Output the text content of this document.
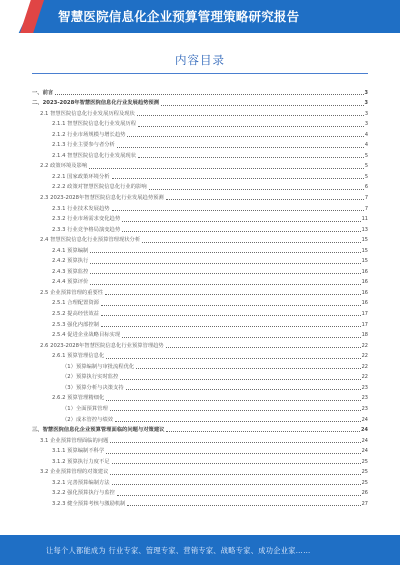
智慧医院信息化企业预算管理策略研究报告
内容目录
一、前言	3
二、2023-2028年智慧医院信息化行业发展趋势预测	3
2.1 智慧医院信息化行业发展历程及现状	3
2.1.1 智慧医院信息化行业发展历程	3
2.1.2 行业市场规模与增长趋势	4
2.1.3 行业主要参与者分析	4
2.1.4 智慧医院信息化行业发展现状	5
2.2 政策环境及影响	5
2.2.1 国家政策环境分析	5
2.2.2 政策对智慧医院信息化行业的影响	6
2.3 2023-2028年智慧医院信息化行业发展趋势预测	7
2.3.1 行业技术发展趋势	7
2.3.2 行业市场需求变化趋势	11
2.3.3 行业竞争格局演变趋势	13
2.4 智慧医院信息化行业预算管理现状分析	15
2.4.1 预算编制	15
2.4.2 预算执行	15
2.4.3 预算监控	16
2.4.4 预算评价	16
2.5 企业预算管理的重要性	16
2.5.1 合理配置资源	16
2.5.2 提高经营效益	17
2.5.3 强化内部控制	17
2.5.4 促进企业战略目标实现	18
2.6 2023-2028年智慧医院信息化行业预算管理趋势	22
2.6.1 预算管理信息化	22
（1）预算编制与审批流程优化	22
（2）预算执行实时监控	22
（3）预算分析与决策支持	23
2.6.2 预算管理精细化	23
（1）全面预算管理	23
（2）成本管控与绩效	24
三、智慧医院信息化企业预算管理面临的问题与对策建议	24
3.1 企业预算管理面临的问题	24
3.1.1 预算编制不科学	24
3.1.2 预算执行力度不足	25
3.2 企业预算管理的对策建议	25
3.2.1 完善预算编制方法	25
3.2.2 强化预算执行与监控	26
3.2.3 健全预算考核与激励机制	27
让每个人都能成为 行业专家、管理专家、营销专家、战略专家、成功企业家……
